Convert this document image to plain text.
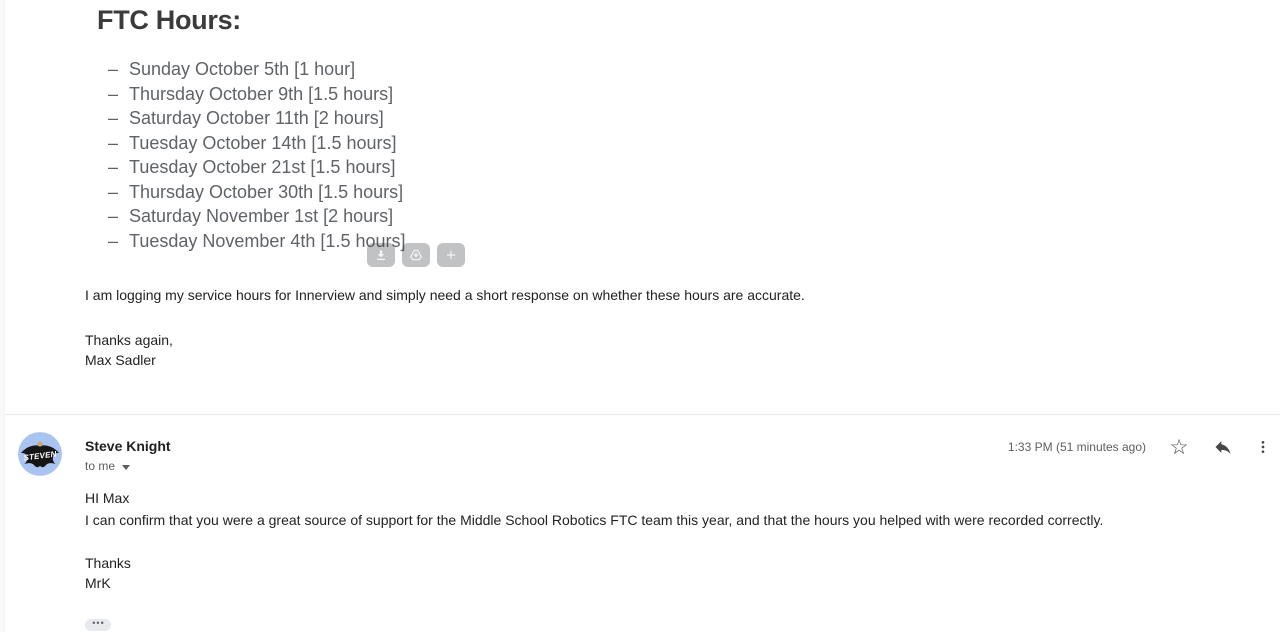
FTC Hours:
– Sunday October 5th [1 hour]
– Thursday October 9th [1.5 hours]
– Saturday October 11th [2 hours]
– Tuesday October 14th [1.5 hours]
– Tuesday October 21st [1.5 hours]
– Thursday October 30th [1.5 hours]
– Saturday November 1st [2 hours]
– Tuesday November 4th [1.5 hours]

I am logging my service hours for Innerview and simply need a short response on whether these hours are accurate.

Thanks again,
Max Sadler
STEVEN
Steve Knight
to me
1:33 PM (51 minutes ago) ☆
HI Max
I can confirm that you were a great source of support for the Middle School Robotics FTC team this year, and that the hours you helped with were recorded correctly.
Thanks
MrK
•••
